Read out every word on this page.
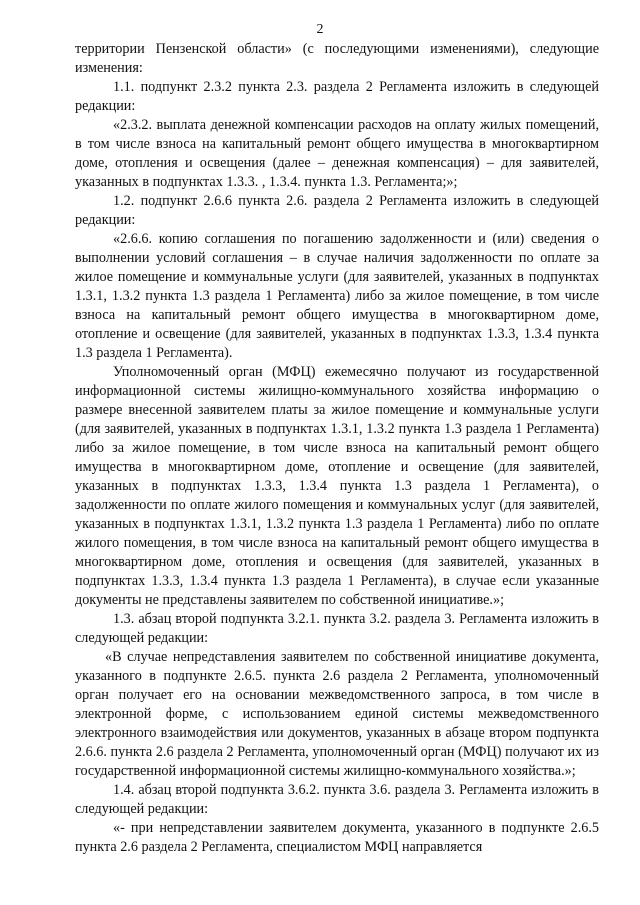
2

территории Пензенской области» (с последующими изменениями), следующие изменения:

1.1. подпункт 2.3.2 пункта 2.3. раздела 2 Регламента изложить в следующей редакции:

«2.3.2. выплата денежной компенсации расходов на оплату жилых помещений, в том числе взноса на капитальный ремонт общего имущества в многоквартирном доме, отопления и освещения (далее – денежная компенсация) – для заявителей, указанных в подпунктах 1.3.3. , 1.3.4. пункта 1.3. Регламента;»;

1.2. подпункт 2.6.6 пункта 2.6. раздела 2 Регламента изложить в следующей редакции:

«2.6.6. копию соглашения по погашению задолженности и (или) сведения о выполнении условий соглашения – в случае наличия задолженности по оплате за жилое помещение и коммунальные услуги (для заявителей, указанных в подпунктах 1.3.1, 1.3.2 пункта 1.3 раздела 1 Регламента) либо за жилое помещение, в том числе взноса на капитальный ремонт общего имущества в многоквартирном доме, отопление и освещение (для заявителей, указанных в подпунктах 1.3.3, 1.3.4 пункта 1.3 раздела 1 Регламента).

Уполномоченный орган (МФЦ) ежемесячно получают из государственной информационной системы жилищно-коммунального хозяйства информацию о размере внесенной заявителем платы за жилое помещение и коммунальные услуги (для заявителей, указанных в подпунктах 1.3.1, 1.3.2 пункта 1.3 раздела 1 Регламента) либо за жилое помещение, в том числе взноса на капитальный ремонт общего имущества в многоквартирном доме, отопление и освещение (для заявителей, указанных в подпунктах 1.3.3, 1.3.4 пункта 1.3 раздела 1 Регламента), о задолженности по оплате жилого помещения и коммунальных услуг (для заявителей, указанных в подпунктах 1.3.1, 1.3.2 пункта 1.3 раздела 1 Регламента) либо по оплате жилого помещения, в том числе взноса на капитальный ремонт общего имущества в многоквартирном доме, отопления и освещения (для заявителей, указанных в подпунктах 1.3.3, 1.3.4 пункта 1.3 раздела 1 Регламента), в случае если указанные документы не представлены заявителем по собственной инициативе.»;

1.3. абзац второй подпункта 3.2.1. пункта 3.2. раздела 3. Регламента изложить в следующей редакции:

«В случае непредставления заявителем по собственной инициативе документа, указанного в подпункте 2.6.5. пункта 2.6 раздела 2 Регламента, уполномоченный орган получает его на основании межведомственного запроса, в том числе в электронной форме, с использованием единой системы межведомственного электронного взаимодействия или документов, указанных в абзаце втором подпункта 2.6.6. пункта 2.6 раздела 2 Регламента, уполномоченный орган (МФЦ) получают их из государственной информационной системы жилищно-коммунального хозяйства.»;

1.4. абзац второй подпункта 3.6.2. пункта 3.6. раздела 3. Регламента изложить в следующей редакции:

«- при непредставлении заявителем документа, указанного в подпункте 2.6.5 пункта 2.6 раздела 2 Регламента, специалистом МФЦ направляется
